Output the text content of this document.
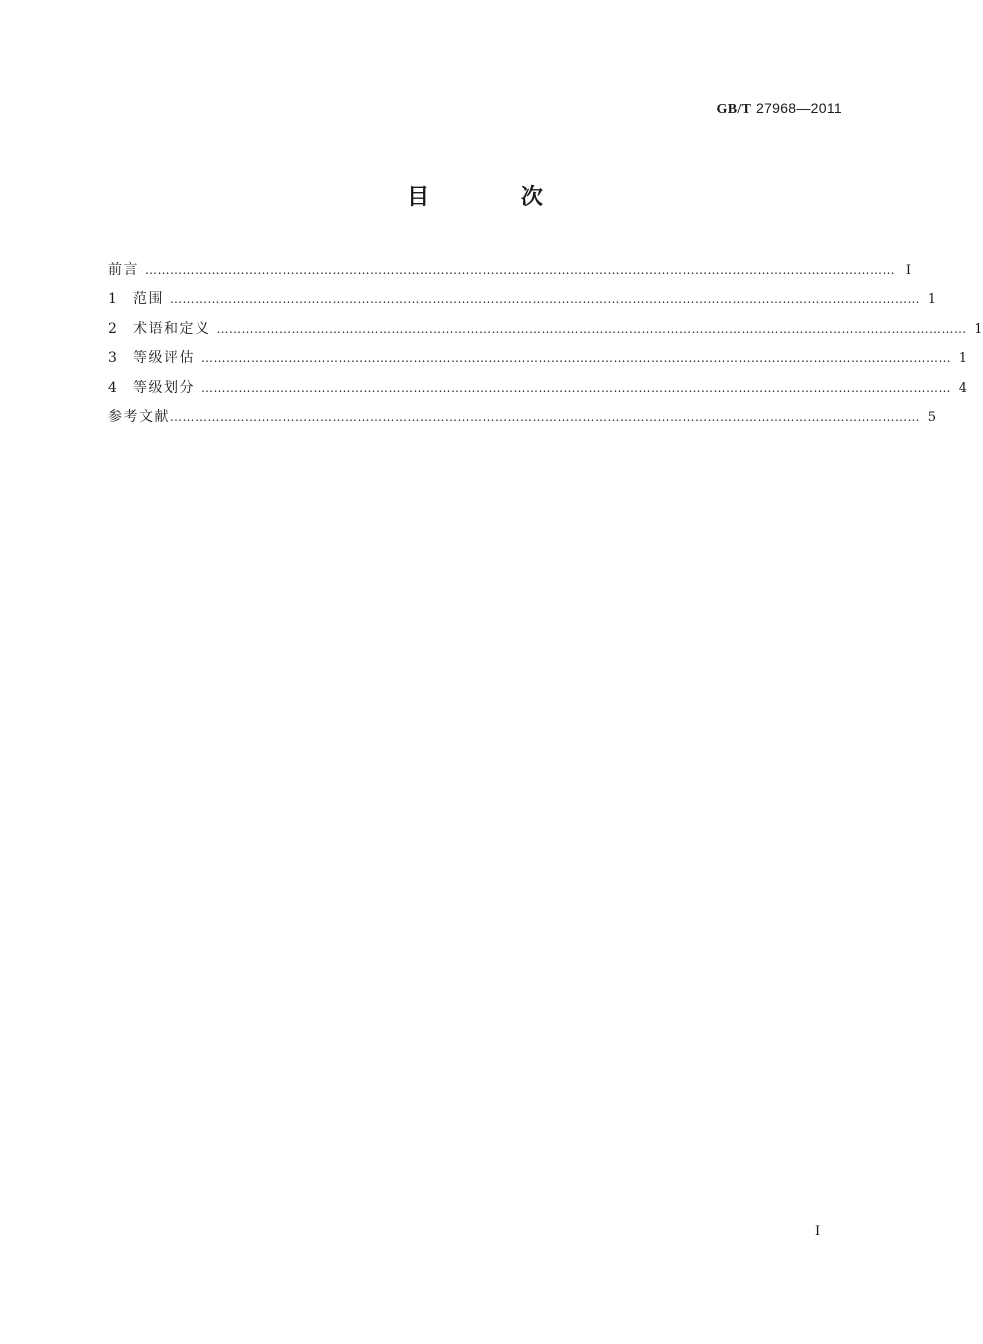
GB/T 27968—2011
目 次
前言 ……………………………………………………………………………………………………………………………………………………………… Ⅰ
1	范围 ……………………………………………………………………………………………………………………………………………………………… 1
2	术语和定义 ……………………………………………………………………………………………………………………………………………………………… 1
3	等级评估 ……………………………………………………………………………………………………………………………………………………………… 1
4	等级划分 ……………………………………………………………………………………………………………………………………………………………… 4
参考文献 ……………………………………………………………………………………………………………………………………………………………… 5
Ⅰ
